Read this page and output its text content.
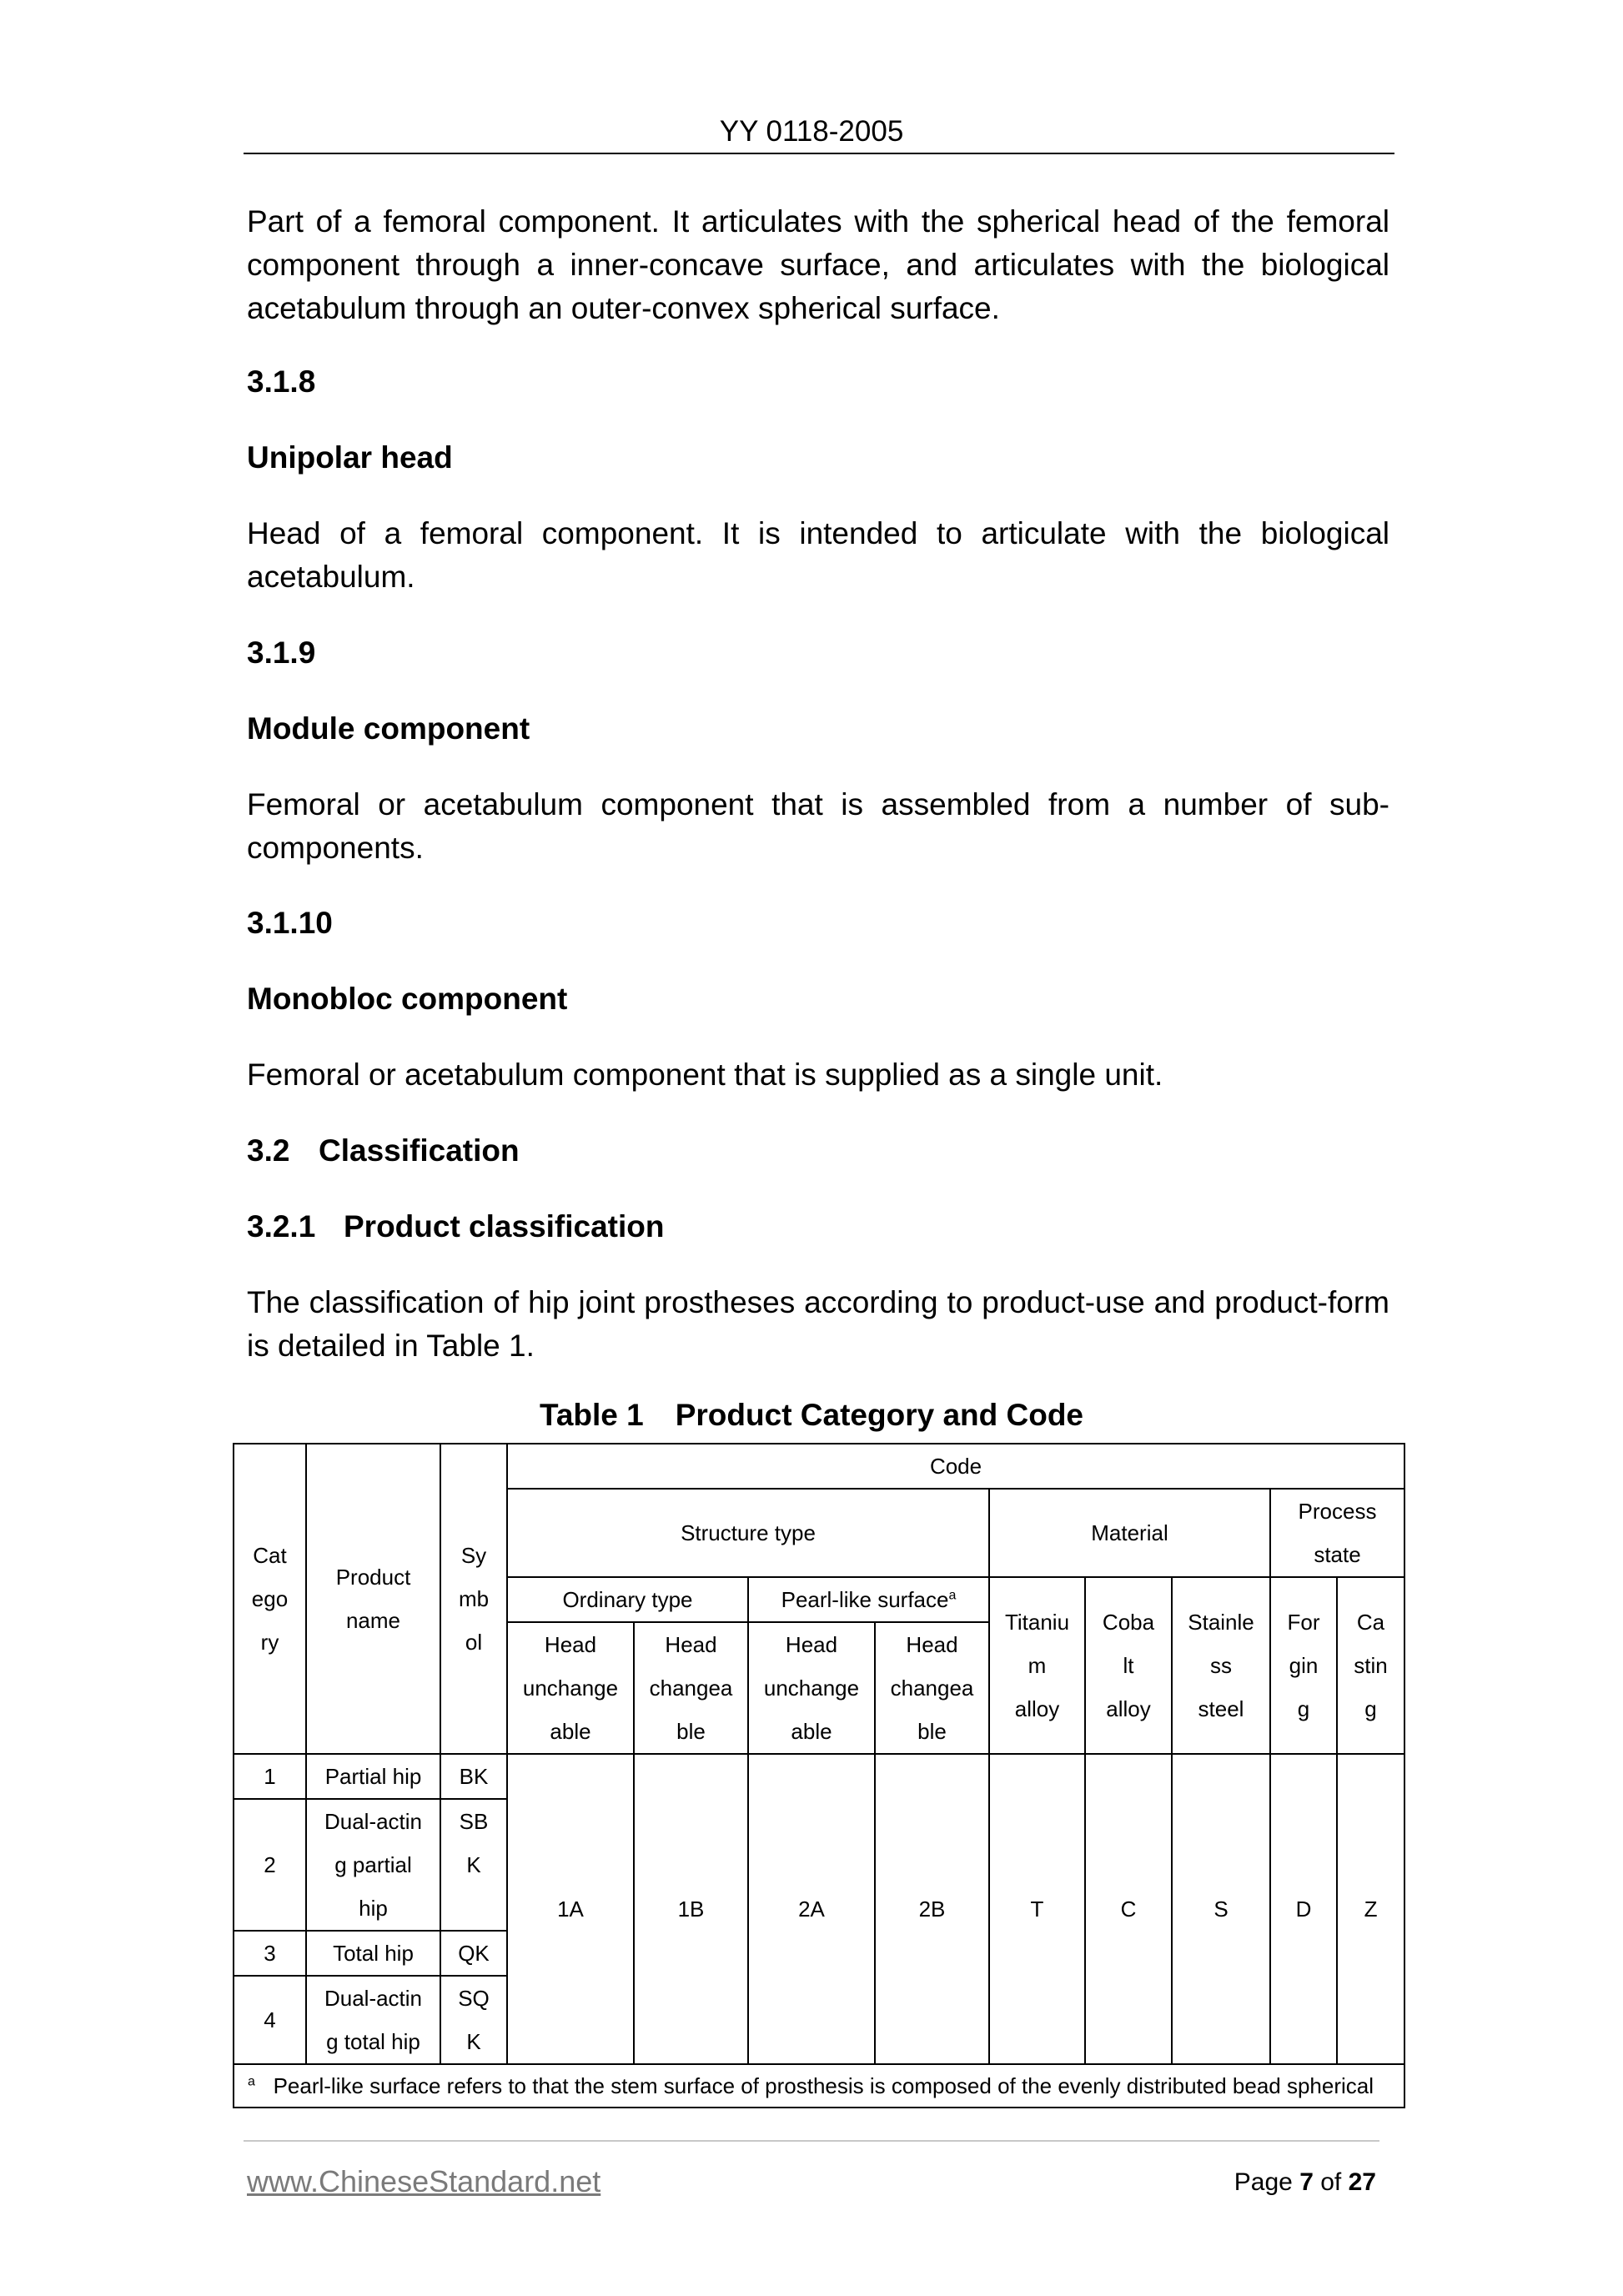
YY 0118-2005
Part of a femoral component. It articulates with the spherical head of the femoral component through a inner-concave surface, and articulates with the biological acetabulum through an outer-convex spherical surface.
3.1.8
Unipolar head
Head of a femoral component. It is intended to articulate with the biological acetabulum.
3.1.9
Module component
Femoral or acetabulum component that is assembled from a number of sub-components.
3.1.10
Monobloc component
Femoral or acetabulum component that is supplied as a single unit.
3.2 Classification
3.2.1 Product classification
The classification of hip joint prostheses according to product-use and product-form is detailed in Table 1.
Table 1 Product Category and Code
Cat
ego
ry	Product
name	Sy
mb
ol	Code
Structure type	Material	Process
state
Ordinary type	Pearl-like surface$^a$	Titaniu
m
alloy	Coba
lt
alloy	Stainle
ss
steel	For
gin
g	Ca
stin
g
Head
unchange
able	Head
changea
ble	Head
unchange
able	Head
changea
ble
1	Partial hip	BK	1A	1B	2A	2B	T	C	S	D	Z
2	Dual-actin
g partial
hip	SB
K

3	Total hip	QK
4	Dual-actin
g total hip	SQ
K
$^a$ Pearl-like surface refers to that the stem surface of prosthesis is composed of the evenly distributed bead spherical
www.ChineseStandard.net	Page 7 of 27
